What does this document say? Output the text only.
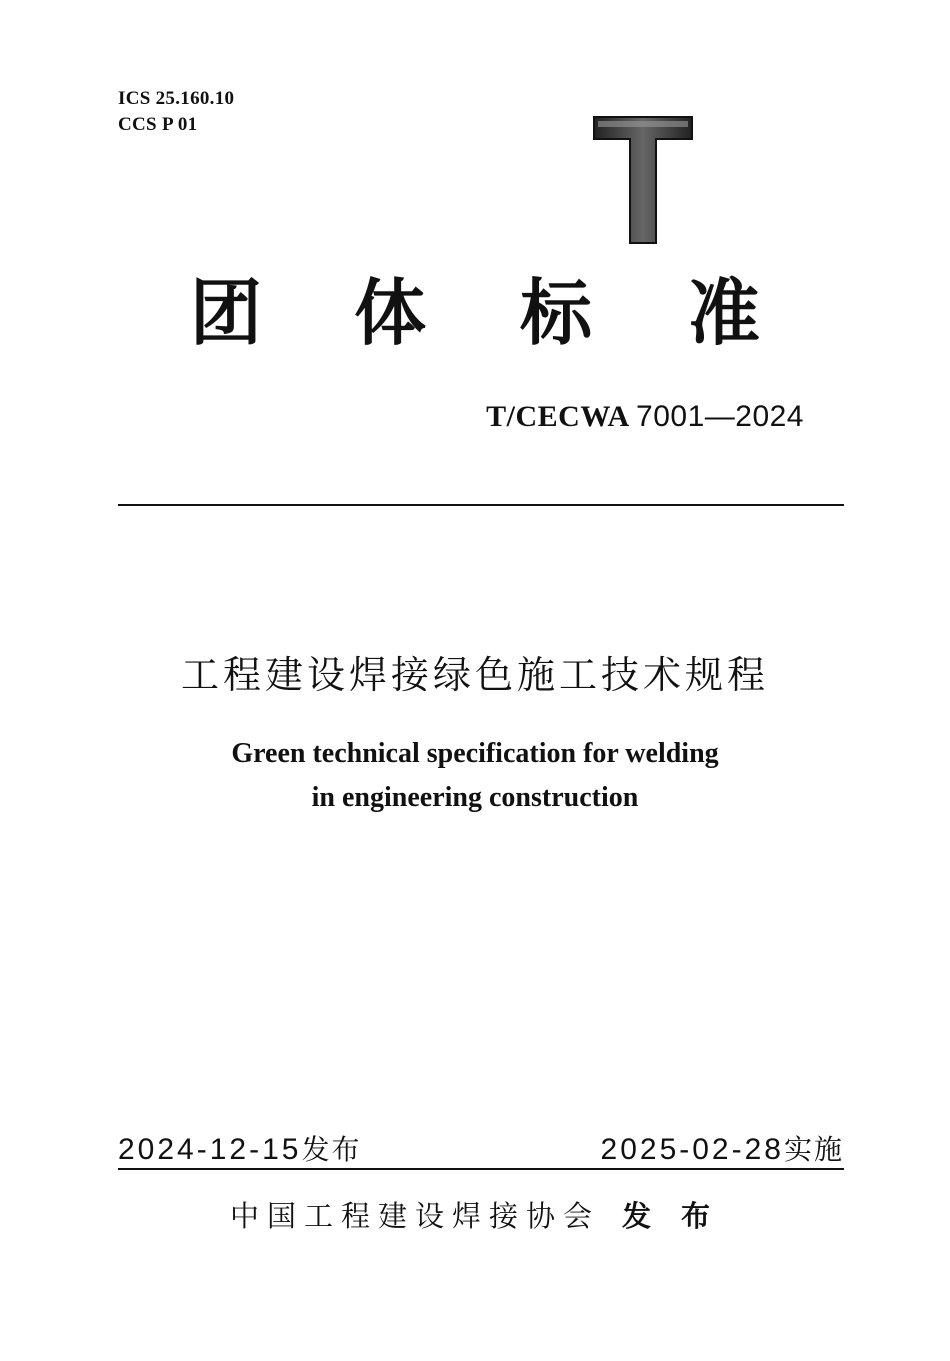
ICS 25.160.10
CCS P 01
团 体 标 准
T/CECWA 7001—2024
工程建设焊接绿色施工技术规程
Green technical specification for welding
in engineering construction
2024-12-15发布	2025-02-28实施
中国工程建设焊接协会 发布
